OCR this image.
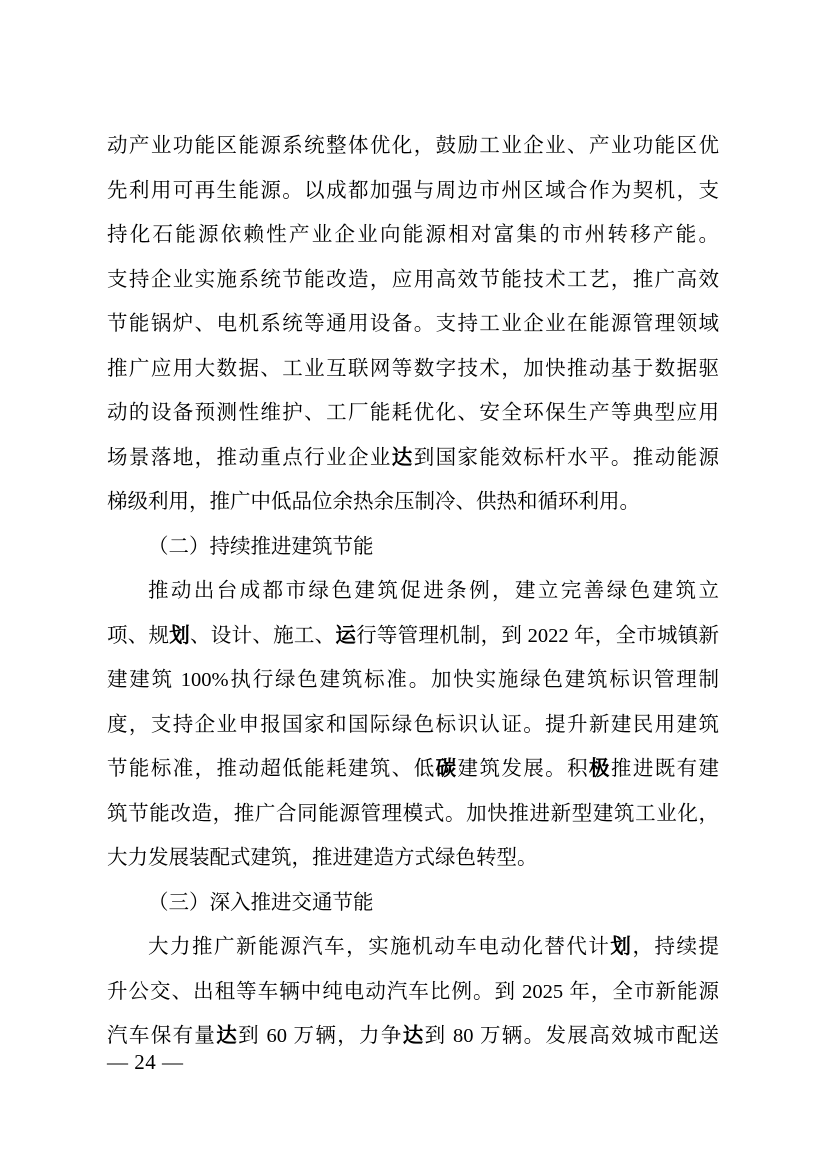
动产业功能区能源系统整体优化，鼓励工业企业、产业功能区优
先利用可再生能源。以成都加强与周边市州区域合作为契机，支
持化石能源依赖性产业企业向能源相对富集的市州转移产能。
支持企业实施系统节能改造，应用高效节能技术工艺，推广高效
节能锅炉、电机系统等通用设备。支持工业企业在能源管理领域
推广应用大数据、工业互联网等数字技术，加快推动基于数据驱
动的设备预测性维护、工厂能耗优化、安全环保生产等典型应用
场景落地，推动重点行业企业达到国家能效标杆水平。推动能源
梯级利用，推广中低品位余热余压制冷、供热和循环利用。
（二）持续推进建筑节能
推动出台成都市绿色建筑促进条例，建立完善绿色建筑立
项、规划、设计、施工、运行等管理机制，到 2022 年，全市城镇新
建建筑 100%执行绿色建筑标准。加快实施绿色建筑标识管理制
度，支持企业申报国家和国际绿色标识认证。提升新建民用建筑
节能标准，推动超低能耗建筑、低碳建筑发展。积极推进既有建
筑节能改造，推广合同能源管理模式。加快推进新型建筑工业化，
大力发展装配式建筑，推进建造方式绿色转型。
（三）深入推进交通节能
大力推广新能源汽车，实施机动车电动化替代计划，持续提
升公交、出租等车辆中纯电动汽车比例。到 2025 年，全市新能源
汽车保有量达到 60 万辆，力争达到 80 万辆。发展高效城市配送
— 24 —
